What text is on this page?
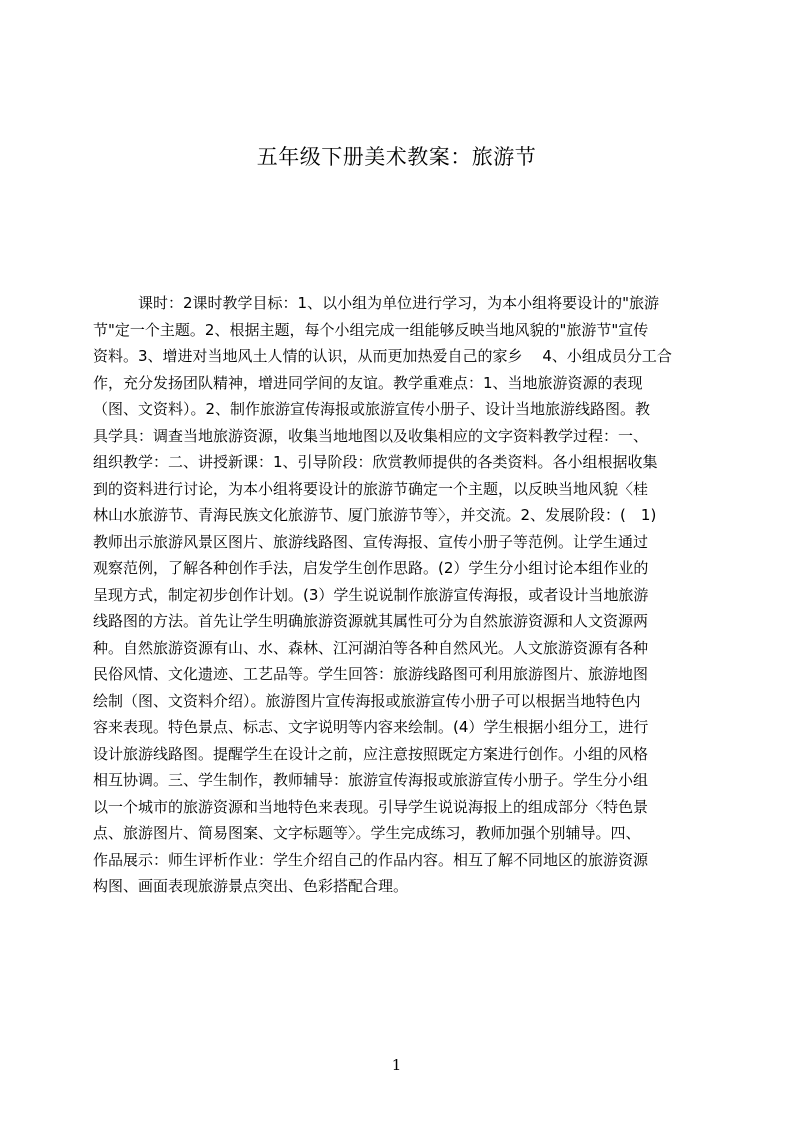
五年级下册美术教案：旅游节
课时：2课时教学目标：1、以小组为单位进行学习，为本小组将要设计的"旅游
节"定一个主题。2、根据主题，每个小组完成一组能够反映当地风貌的"旅游节"宣传
资料。3、增进对当地风土人情的认识，从而更加热爱自己的家乡　 4、小组成员分工合
作，充分发扬团队精神，增进同学间的友谊。教学重难点：1、当地旅游资源的表现
（图、文资料）。2、制作旅游宣传海报或旅游宣传小册子、设计当地旅游线路图。教
具学具：调查当地旅游资源，收集当地地图以及收集相应的文字资料教学过程：一、
组织教学：二、讲授新课：1、引导阶段：欣赏教师提供的各类资料。各小组根据收集
到的资料进行讨论，为本小组将要设计的旅游节确定一个主题，以反映当地风貌〈桂
林山水旅游节、青海民族文化旅游节、厦门旅游节等〉，并交流。2、发展阶段：(　1)
教师出示旅游风景区图片、旅游线路图、宣传海报、宣传小册子等范例。让学生通过
观察范例，了解各种创作手法，启发学生创作思路。(2）学生分小组讨论本组作业的
呈现方式，制定初步创作计划。(3）学生说说制作旅游宣传海报，或者设计当地旅游
线路图的方法。首先让学生明确旅游资源就其属性可分为自然旅游资源和人文资源两
种。自然旅游资源有山、水、森林、江河湖泊等各种自然风光。人文旅游资源有各种
民俗风情、文化遗迹、工艺品等。学生回答：旅游线路图可利用旅游图片、旅游地图
绘制（图、文资料介绍）。旅游图片宣传海报或旅游宣传小册子可以根据当地特色内
容来表现。特色景点、标志、文字说明等内容来绘制。(4）学生根据小组分工，进行
设计旅游线路图。提醒学生在设计之前，应注意按照既定方案进行创作。小组的风格
相互协调。三、学生制作，教师辅导：旅游宣传海报或旅游宣传小册子。学生分小组
以一个城市的旅游资源和当地特色来表现。引导学生说说海报上的组成部分〈特色景
点、旅游图片、简易图案、文字标题等〉。学生完成练习，教师加强个别辅导。四、
作品展示：师生评析作业：学生介绍自己的作品内容。相互了解不同地区的旅游资源
构图、画面表现旅游景点突出、色彩搭配合理。
1
